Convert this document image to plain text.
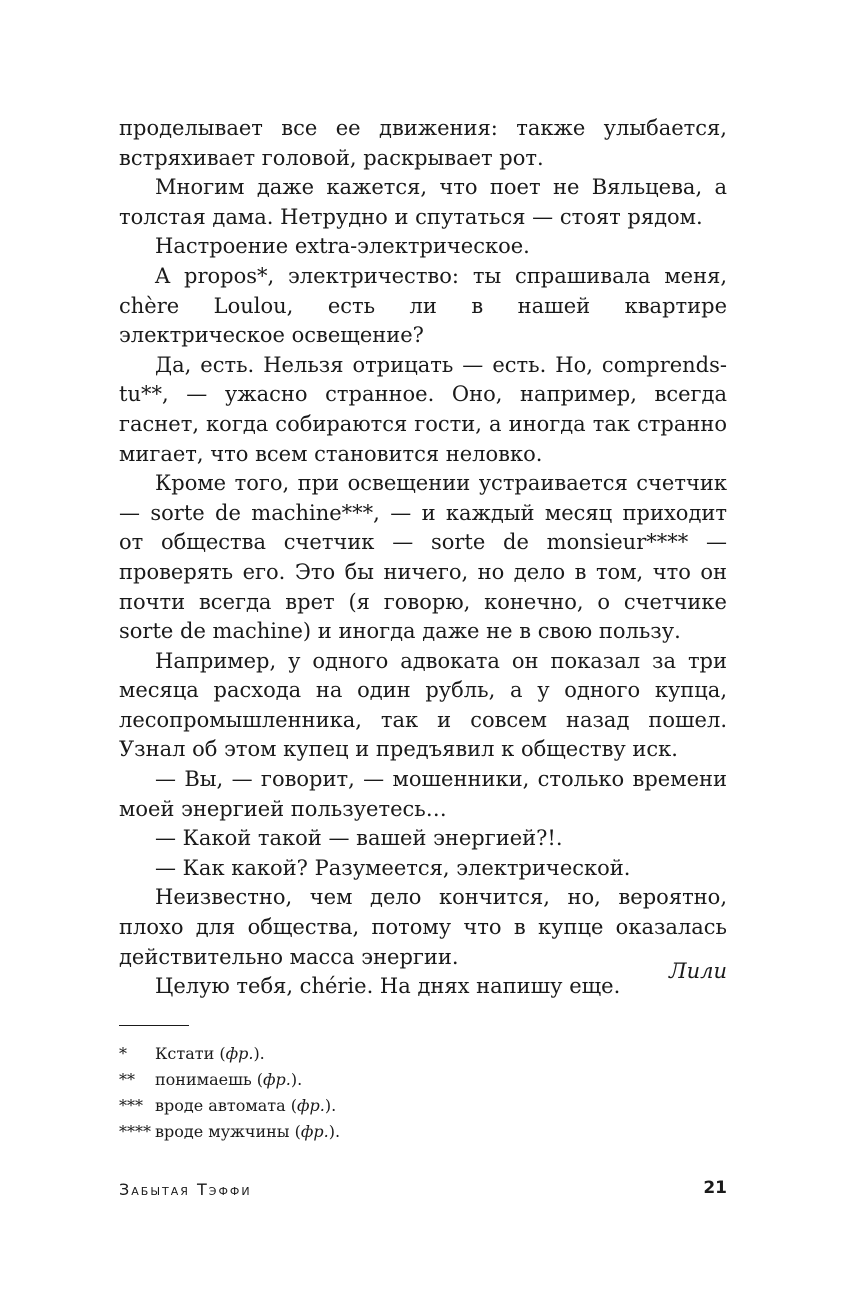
проделывает все ее движения: также улыбается, встряхивает головой, раскрывает рот.

Многим даже кажется, что поет не Вяльцева, а толстая дама. Нетрудно и спутаться — стоят рядом.

Настроение extra-электрическое.

A propos*, электричество: ты спрашивала меня, chère Loulou, есть ли в нашей квартире электрическое освещение?

Да, есть. Нельзя отрицать — есть. Но, comprends-tu**, — ужасно странное. Оно, например, всегда гаснет, когда собираются гости, а иногда так странно мигает, что всем становится неловко.

Кроме того, при освещении устраивается счетчик — sorte de machine***, — и каждый месяц приходит от общества счетчик — sorte de monsieur**** — проверять его. Это бы ничего, но дело в том, что он почти всегда врет (я говорю, конечно, о счетчике sorte de machine) и иногда даже не в свою пользу.

Например, у одного адвоката он показал за три месяца расхода на один рубль, а у одного купца, лесопромышленника, так и совсем назад пошел. Узнал об этом купец и предъявил к обществу иск.

— Вы, — говорит, — мошенники, столько времени моей энергией пользуетесь…

— Какой такой — вашей энергией?!.

— Как какой? Разумеется, электрической.

Неизвестно, чем дело кончится, но, вероятно, плохо для общества, потому что в купце оказалась действительно масса энергии.

Целую тебя, chérie. На днях напишу еще.

Лили
*	Кстати (фр.).
**	понимаешь (фр.).
*** вроде автомата (фр.).
**** вроде мужчины (фр.).
Забытая Тэффи	21
